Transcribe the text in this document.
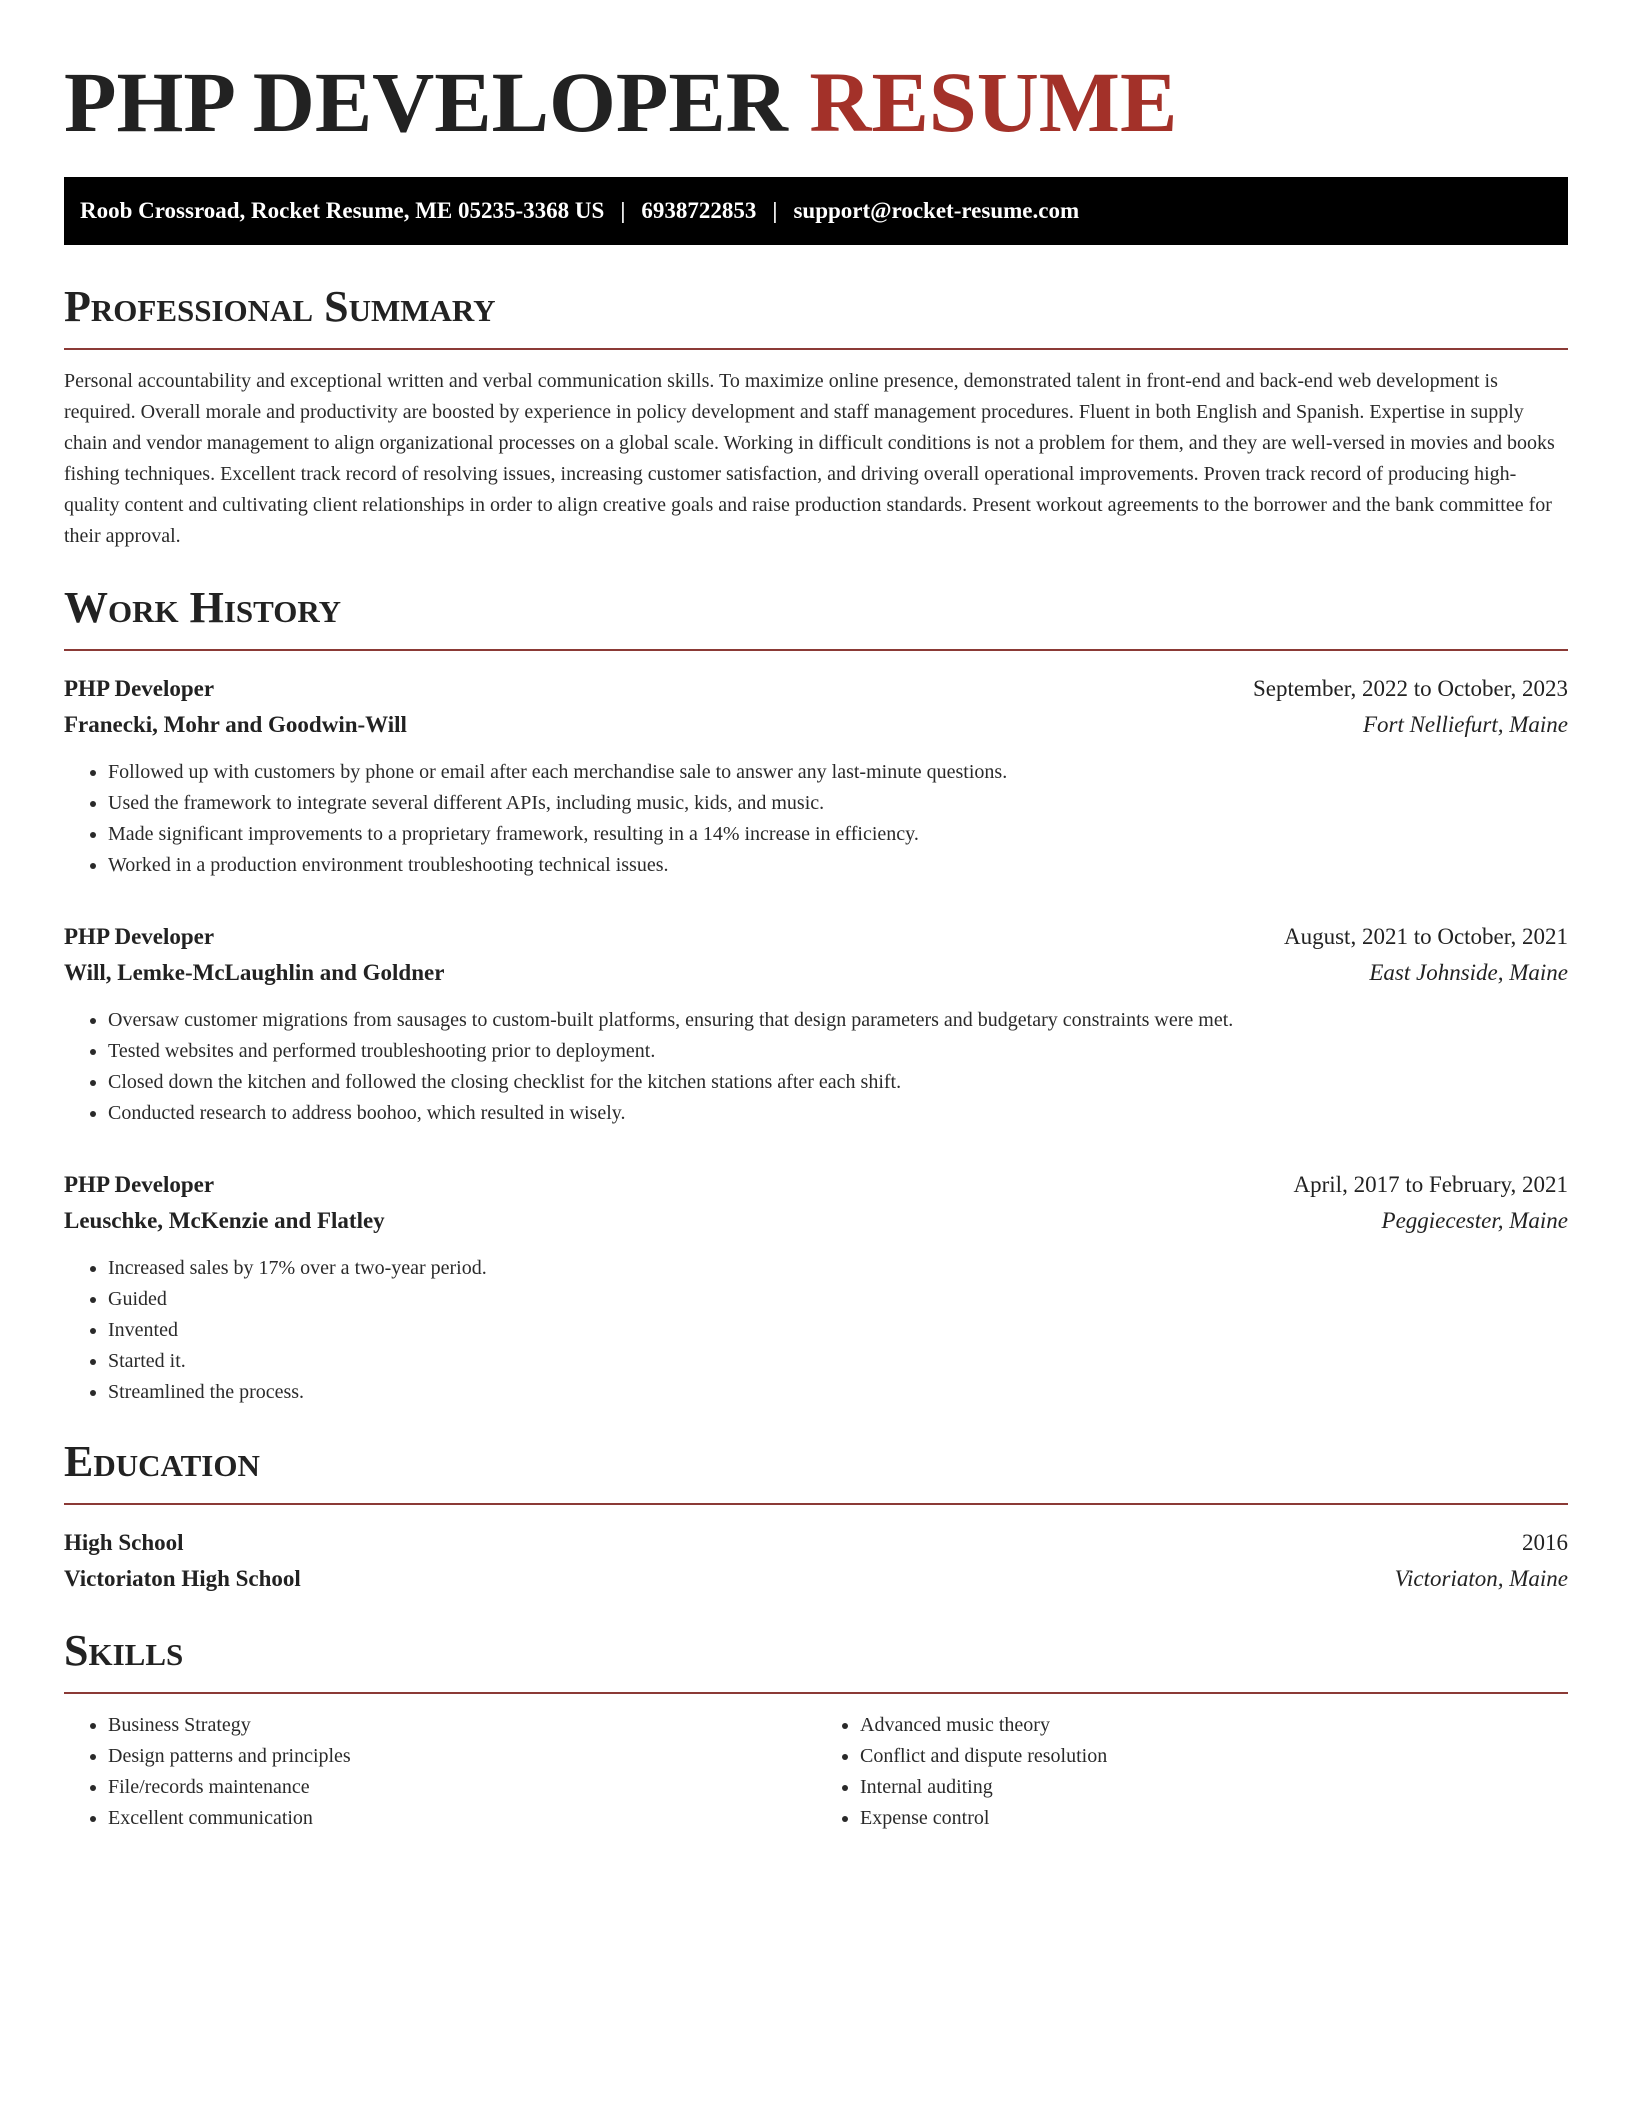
PHP DEVELOPER RESUME
Roob Crossroad, Rocket Resume, ME 05235-3368 US | 6938722853 | support@rocket-resume.com
Professional Summary

Personal accountability and exceptional written and verbal communication skills. To maximize online presence, demonstrated talent in front-end and back-end web development is required. Overall morale and productivity are boosted by experience in policy development and staff management procedures. Fluent in both English and Spanish. Expertise in supply chain and vendor management to align organizational processes on a global scale. Working in difficult conditions is not a problem for them, and they are well-versed in movies and books fishing techniques. Excellent track record of resolving issues, increasing customer satisfaction, and driving overall operational improvements. Proven track record of producing high-quality content and cultivating client relationships in order to align creative goals and raise production standards. Present workout agreements to the borrower and the bank committee for their approval.

Work History
PHP Developer	September, 2022 to October, 2023
Franecki, Mohr and Goodwin-Will	Fort Nelliefurt, Maine
• Followed up with customers by phone or email after each merchandise sale to answer any last-minute questions.
• Used the framework to integrate several different APIs, including music, kids, and music.
• Made significant improvements to a proprietary framework, resulting in a 14% increase in efficiency.
• Worked in a production environment troubleshooting technical issues.
PHP Developer	August, 2021 to October, 2021
Will, Lemke-McLaughlin and Goldner	East Johnside, Maine
• Oversaw customer migrations from sausages to custom-built platforms, ensuring that design parameters and budgetary constraints were met.
• Tested websites and performed troubleshooting prior to deployment.
• Closed down the kitchen and followed the closing checklist for the kitchen stations after each shift.
• Conducted research to address boohoo, which resulted in wisely.
PHP Developer	April, 2017 to February, 2021
Leuschke, McKenzie and Flatley	Peggiecester, Maine
• Increased sales by 17% over a two-year period.
• Guided
• Invented
• Started it.
• Streamlined the process.
Education
High School	2016
Victoriaton High School	Victoriaton, Maine
Skills
• Business Strategy
• Design patterns and principles
• File/records maintenance
• Excellent communication
• Advanced music theory
• Conflict and dispute resolution
• Internal auditing
• Expense control
